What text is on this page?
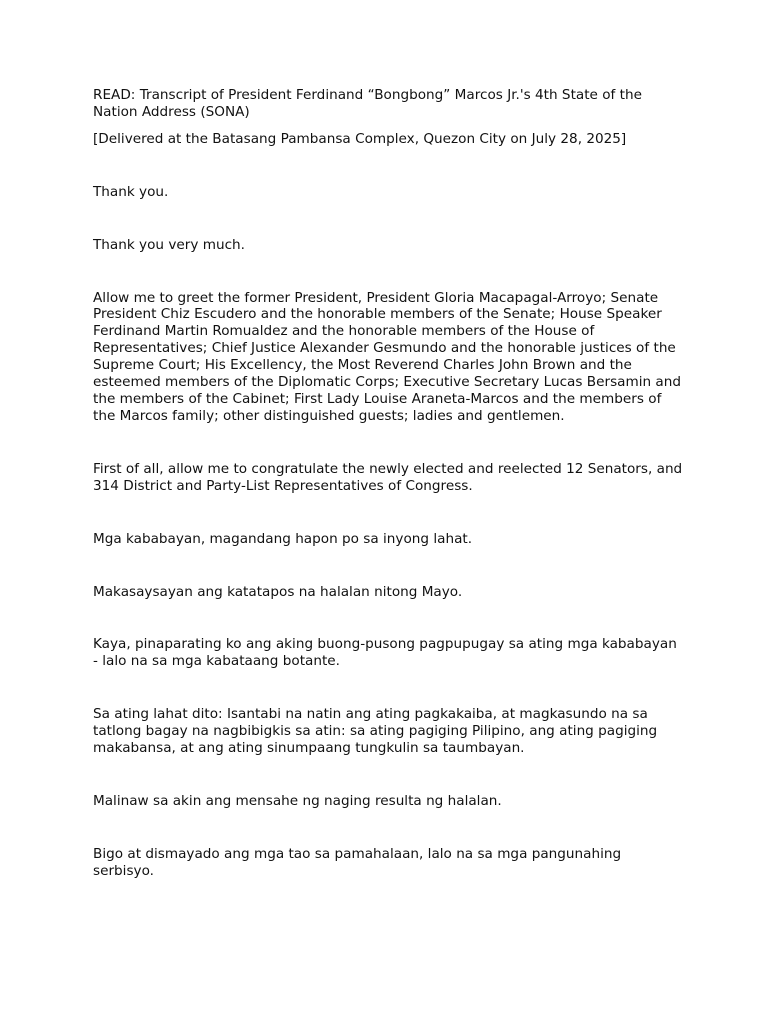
READ: Transcript of President Ferdinand “Bongbong” Marcos Jr.'s 4th State of the Nation Address (SONA)

[Delivered at the Batasang Pambansa Complex, Quezon City on July 28, 2025]

Thank you.

Thank you very much.

Allow me to greet the former President, President Gloria Macapagal-Arroyo; Senate President Chiz Escudero and the honorable members of the Senate; House Speaker Ferdinand Martin Romualdez and the honorable members of the House of Representatives; Chief Justice Alexander Gesmundo and the honorable justices of the Supreme Court; His Excellency, the Most Reverend Charles John Brown and the esteemed members of the Diplomatic Corps; Executive Secretary Lucas Bersamin and the members of the Cabinet; First Lady Louise Araneta-Marcos and the members of the Marcos family; other distinguished guests; ladies and gentlemen.

First of all, allow me to congratulate the newly elected and reelected 12 Senators, and 314 District and Party-List Representatives of Congress.

Mga kababayan, magandang hapon po sa inyong lahat.

Makasaysayan ang katatapos na halalan nitong Mayo.

Kaya, pinaparating ko ang aking buong-pusong pagpupugay sa ating mga kababayan - lalo na sa mga kabataang botante.

Sa ating lahat dito: Isantabi na natin ang ating pagkakaiba, at magkasundo na sa tatlong bagay na nagbibigkis sa atin: sa ating pagiging Pilipino, ang ating pagiging makabansa, at ang ating sinumpaang tungkulin sa taumbayan.

Malinaw sa akin ang mensahe ng naging resulta ng halalan.

Bigo at dismayado ang mga tao sa pamahalaan, lalo na sa mga pangunahing serbisyo.
